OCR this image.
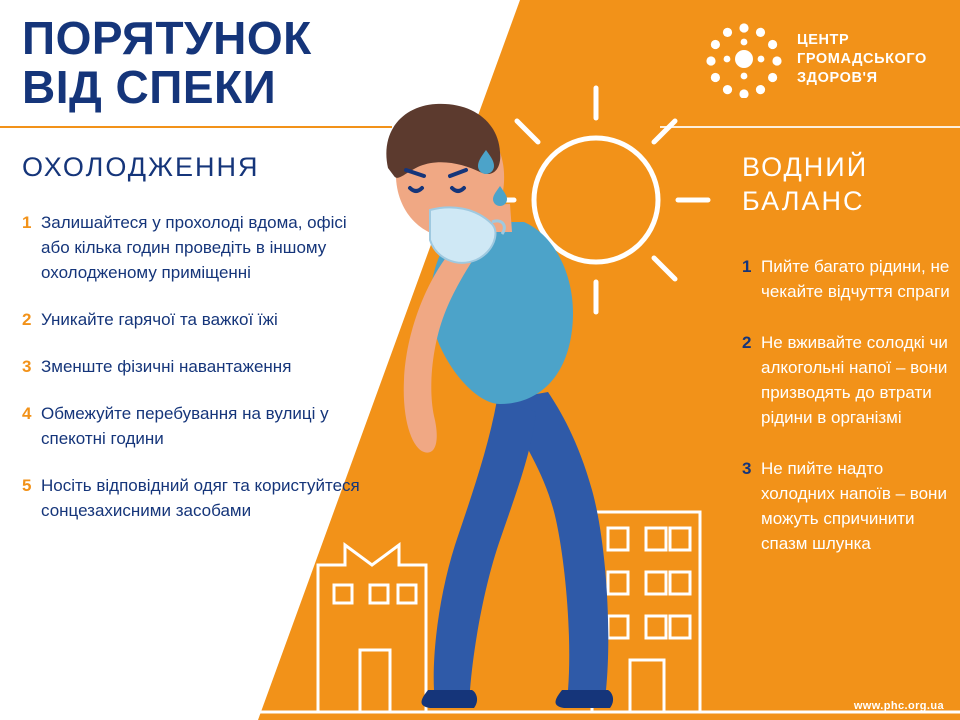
ПОРЯТУНОК
ВІД СПЕКИ
ЦЕНТР
ГРОМАДСЬКОГО
ЗДОРОВ'Я
ОХОЛОДЖЕННЯ
1 Залишайтеся у прохолоді вдома, офісі або кілька годин проведіть в іншому охолодженому приміщенні
2 Уникайте гарячої та важкої їжі
3 Зменште фізичні навантаження
4 Обмежуйте перебування на вулиці у спекотні години
5 Носіть відповідний одяг та користуйтеся сонцезахисними засобами
ВОДНИЙ
БАЛАНС
1 Пийте багато рідини, не чекайте відчуття спраги
2 Не вживайте солодкі чи алкогольні напої – вони призводять до втрати рідини в організмі
3 Не пийте надто холодних напоїв – вони можуть спричинити спазм шлунка
www.phc.org.ua
